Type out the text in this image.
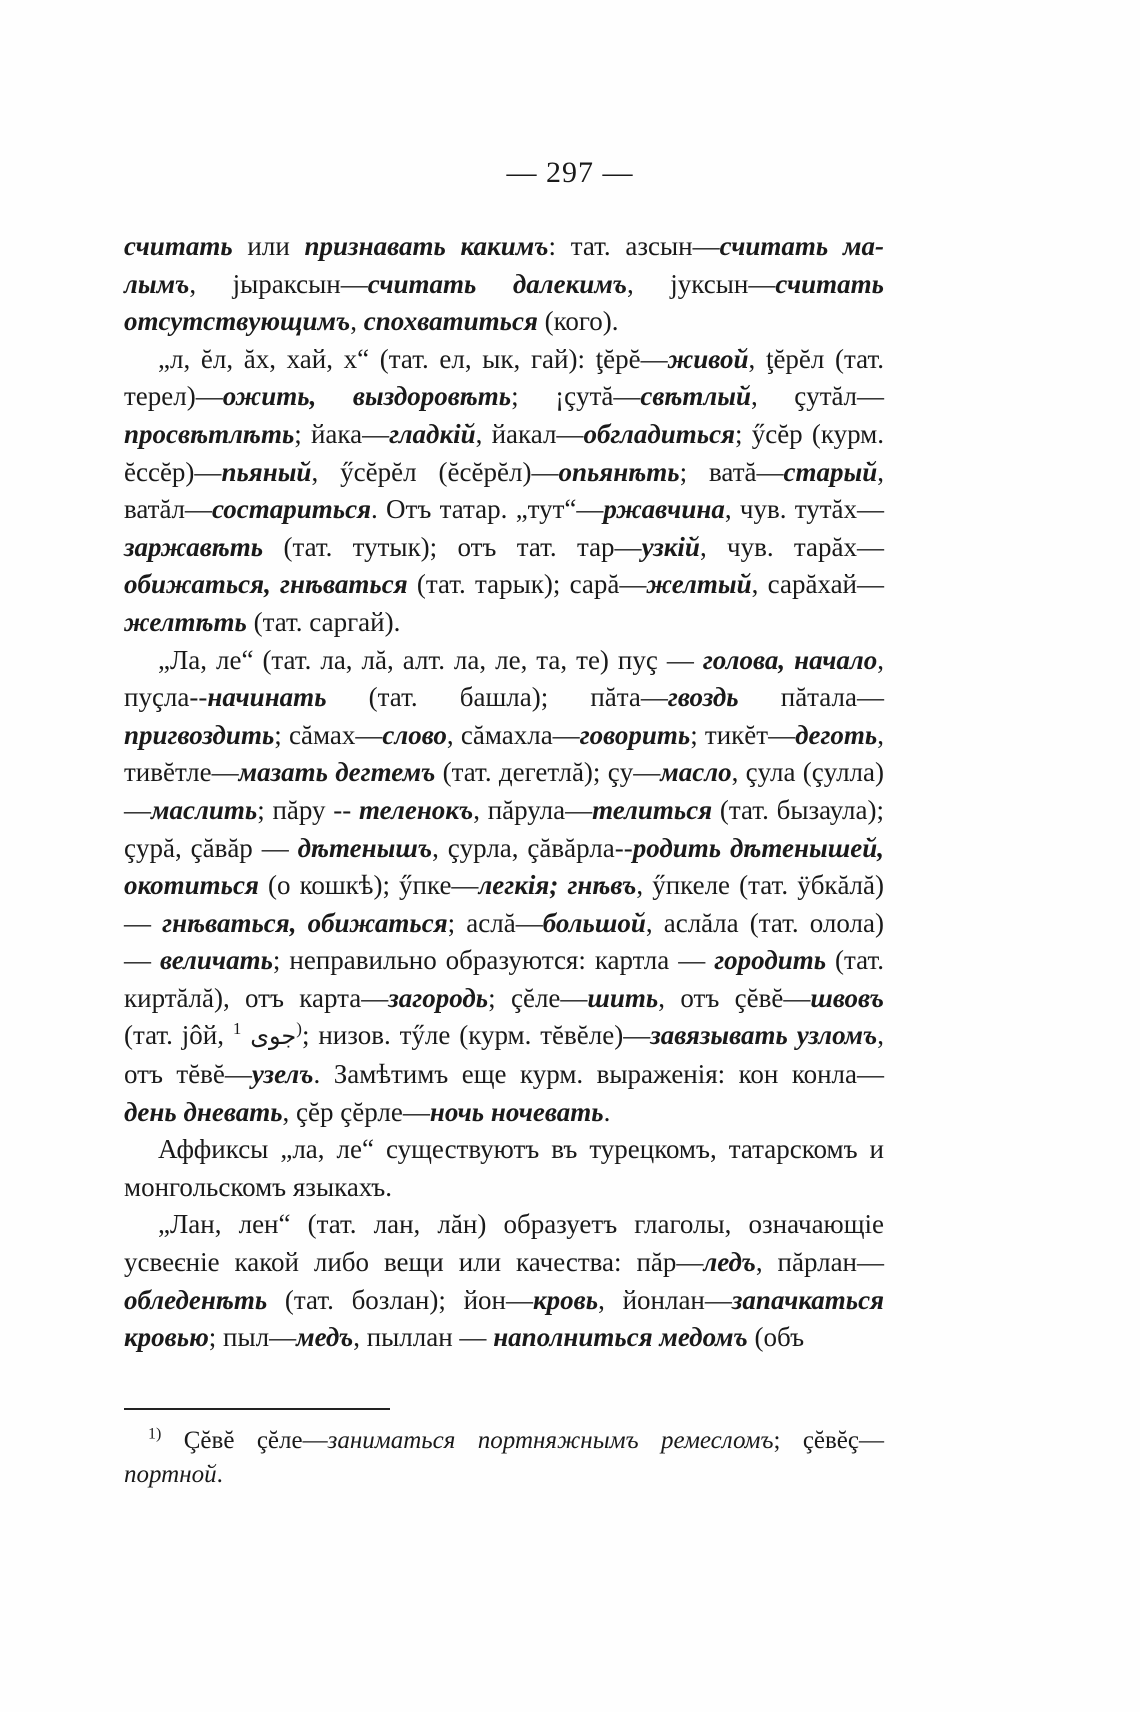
— 297 —

считать или признавать какимъ: тат. азсын—считать малымъ, јыраксын—считать далекимъ, јуксын—считать отсутствующимъ, спохватиться (кого).

„л, ĕл, ăх, хай, х“ (тат. ел, ык, гай): ţĕрĕ—живой, ţĕрĕл (тат. терел)—ожить, выздоровѣть; ¡çутă—свѣтлый, çутăл—просвѣтлѣть; йака—гладкій, йакал—обгладиться; ӳсĕр (курм. ĕссĕр)—пьяный, ӳсĕрĕл (ĕсĕрĕл)—опьянѣть; ватă—старый, ватăл—состариться. Отъ татар. „тут“—ржавчина, чув. тутăх—заржавѣть (тат. тутык); отъ тат. тар—узкій, чув. тарăх—обижаться, гнѣваться (тат. тарык); сарă—желтый, сарăхай—желтѣть (тат. саргай).

„Ла, ле“ (тат. ла, лă, алт. ла, ле, та, те) пуç — голова, начало, пуçла--начинать (тат. башла); пăта—гвоздь пăтала—пригвоздить; сăмах—слово, сăмахла—говорить; тикĕт—деготь, тивĕтле—мазать дегтемъ (тат. дегетлă); çу—масло, çула (çулла)—маслить; пăру -- теленокъ, пăрула—телиться (тат. бызаула); çурă, çăвăр — дѣтенышъ, çурла, çăвăрла--родить дѣтенышей, окотиться (о кошкѣ); ӳпке—легкія; гнѣвъ, ӳпкеле (тат. ӱбкăлă) — гнѣваться, обижаться; аслă—большой, аслăла (тат. олола) — величать; неправильно образуются: картла — городить (тат. киртăлă), отъ карта—загородь; çĕле—шить, отъ çĕвĕ—швовъ (тат. јôй, جوى $^{1)}$; низов. тӳле (курм. тĕвĕле)—завязывать узломъ, отъ тĕвĕ—узелъ. Замѣтимъ еще курм. выраженія: кон конла—день дневать, çĕр çĕрле—ночь ночевать.

Аффиксы „ла, ле“ существуютъ въ турецкомъ, татарскомъ и монгольскомъ языкахъ.

„Лан, лен“ (тат. лан, лăн) образуетъ глаголы, означающіе усвеєніе какой либо вещи или качества: пăр—ледъ, пăрлан—обледенѣть (тат. бозлан); йон—кровь, йонлан—запачкаться кровью; пыл—медъ, пыллан — наполниться медомъ (объ

$^{1)}$ Çĕвĕ çĕле—заниматься портняжнымъ ремесломъ; çĕвĕç—портной.
